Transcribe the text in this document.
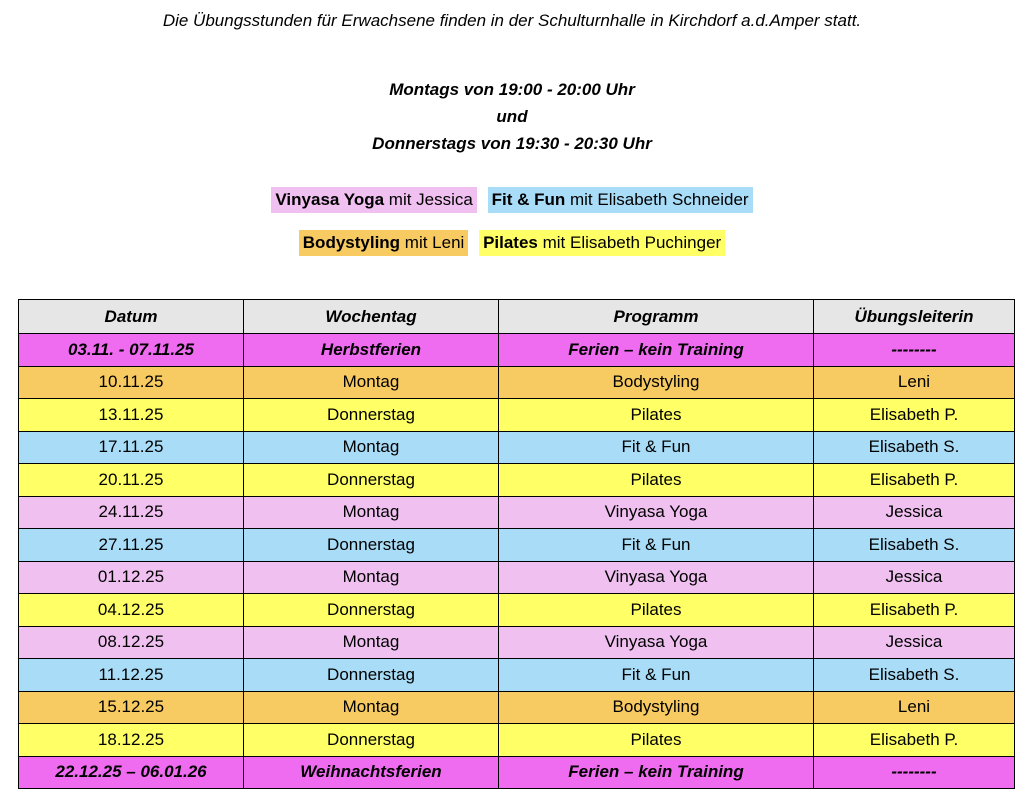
Die Übungsstunden für Erwachsene finden in der Schulturnhalle in Kirchdorf a.d.Amper statt.

Montags von 19:00 - 20:00 Uhr
und
Donnerstags von 19:30 - 20:30 Uhr
Vinyasa Yoga mit Jessica Fit & Fun mit Elisabeth Schneider
Bodystyling mit Leni Pilates mit Elisabeth Puchinger
Datum	Wochentag	Programm	Übungsleiterin
03.11. - 07.11.25	Herbstferien	Ferien – kein Training	--------
10.11.25	Montag	Bodystyling	Leni
13.11.25	Donnerstag	Pilates	Elisabeth P.
17.11.25	Montag	Fit & Fun	Elisabeth S.
20.11.25	Donnerstag	Pilates	Elisabeth P.
24.11.25	Montag	Vinyasa Yoga	Jessica
27.11.25	Donnerstag	Fit & Fun	Elisabeth S.
01.12.25	Montag	Vinyasa Yoga	Jessica
04.12.25	Donnerstag	Pilates	Elisabeth P.
08.12.25	Montag	Vinyasa Yoga	Jessica
11.12.25	Donnerstag	Fit & Fun	Elisabeth S.
15.12.25	Montag	Bodystyling	Leni
18.12.25	Donnerstag	Pilates	Elisabeth P.
22.12.25 – 06.01.26	Weihnachtsferien	Ferien – kein Training	--------
